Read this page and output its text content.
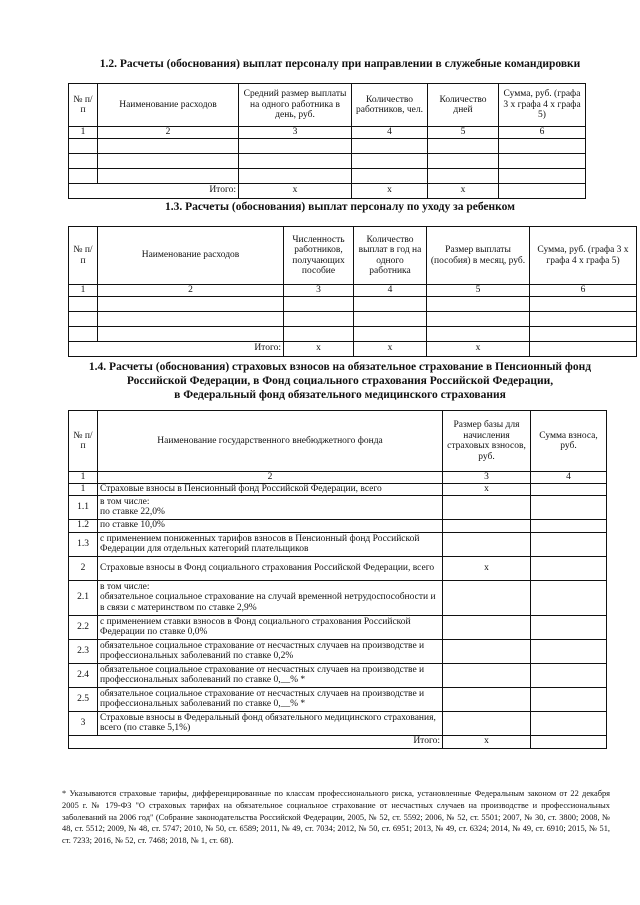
1.2. Расчеты (обоснования) выплат персоналу при направлении в служебные командировки
№ п/п	Наименование расходов	Средний размер выплаты на одного работника в день, руб.	Количество работников, чел.	Количество дней	Сумма, руб. (графа 3 x графа 4 x графа 5)
1	2	3	4	5	6

Итого:		x	x	x	
1.3. Расчеты (обоснования) выплат персоналу по уходу за ребенком
№ п/п	Наименование расходов	Численность работников, получающих пособие	Количество выплат в год на одного работника	Размер выплаты (пособия) в месяц, руб.	Сумма, руб. (графа 3 x графа 4 x графа 5)
1	2	3	4	5	6

Итого:		x	x	x	
1.4. Расчеты (обоснования) страховых взносов на обязательное страхование в Пенсионный фонд
Российской Федерации, в Фонд социального страхования Российской Федерации,
в Федеральный фонд обязательного медицинского страхования
№ п/п	Наименование государственного внебюджетного фонда	Размер базы для начисления страховых взносов, руб.	Сумма взноса, руб.
1	2	3	4
1	Страховые взносы в Пенсионный фонд Российской Федерации, всего	x	
1.1	в том числе:
по ставке 22,0%		
1.2	по ставке 10,0%		
1.3	с применением пониженных тарифов взносов в Пенсионный фонд Российской Федерации для отдельных категорий плательщиков		
2	Страховые взносы в Фонд социального страхования Российской Федерации, всего	x	
2.1	в том числе:
обязательное социальное страхование на случай временной нетрудоспособности и в связи с материнством по ставке 2,9%		
2.2	с применением ставки взносов в Фонд социального страхования Российской Федерации по ставке 0,0%		
2.3	обязательное социальное страхование от несчастных случаев на производстве и профессиональных заболеваний по ставке 0,2%		
2.4	обязательное социальное страхование от несчастных случаев на производстве и профессиональных заболеваний по ставке 0,__% *		
2.5	обязательное социальное страхование от несчастных случаев на производстве и профессиональных заболеваний по ставке 0,__% *		
3	Страховые взносы в Федеральный фонд обязательного медицинского страхования, всего (по ставке 5,1%)		
Итого:		x	
* Указываются страховые тарифы, дифференцированные по классам профессионального риска, установленные Федеральным законом от 22 декабря 2005 г. № 179-ФЗ "О страховых тарифах на обязательное социальное страхование от несчастных случаев на производстве и профессиональных заболеваний на 2006 год" (Собрание законодательства Российской Федерации, 2005, № 52, ст. 5592; 2006, № 52, ст. 5501; 2007, № 30, ст. 3800; 2008, № 48, ст. 5512; 2009, № 48, ст. 5747; 2010, № 50, ст. 6589; 2011, № 49, ст. 7034; 2012, № 50, ст. 6951; 2013, № 49, ст. 6324; 2014, № 49, ст. 6910; 2015, № 51, ст. 7233; 2016, № 52, ст. 7468; 2018, № 1, ст. 68).
